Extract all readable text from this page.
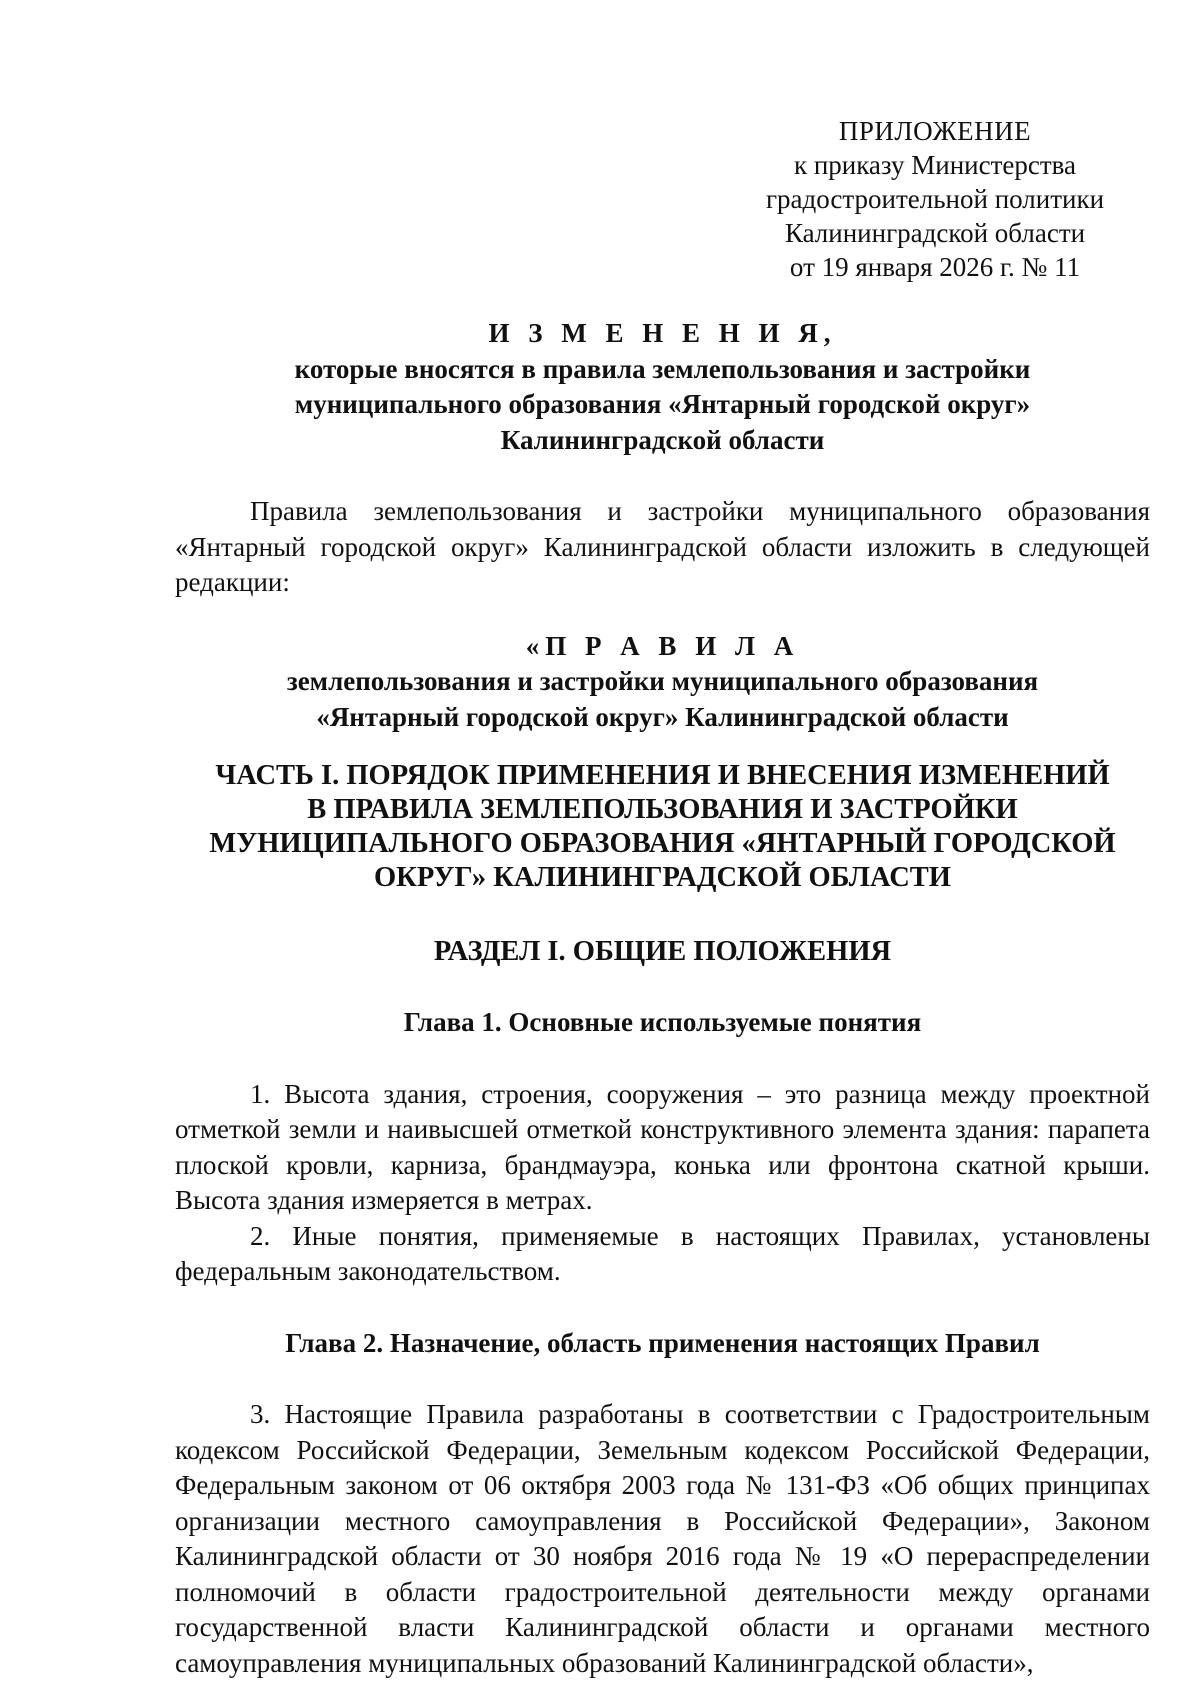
ПРИЛОЖЕНИЕ
к приказу Министерства
градостроительной политики
Калининградской области
от 19 января 2026 г. № 11
И З М Е Н Е Н И Я,
которые вносятся в правила землепользования и застройки
муниципального образования «Янтарный городской округ»
Калининградской области

Правила землепользования и застройки муниципального образования «Янтарный городской округ» Калининградской области изложить в следующей редакции:

«П Р А В И Л А
землепользования и застройки муниципального образования
«Янтарный городской округ» Калининградской области
ЧАСТЬ I. ПОРЯДОК ПРИМЕНЕНИЯ И ВНЕСЕНИЯ ИЗМЕНЕНИЙ
В ПРАВИЛА ЗЕМЛЕПОЛЬЗОВАНИЯ И ЗАСТРОЙКИ
МУНИЦИПАЛЬНОГО ОБРАЗОВАНИЯ «ЯНТАРНЫЙ ГОРОДСКОЙ
ОКРУГ» КАЛИНИНГРАДСКОЙ ОБЛАСТИ
РАЗДЕЛ I. ОБЩИЕ ПОЛОЖЕНИЯ
Глава 1. Основные используемые понятия

1. Высота здания, строения, сооружения – это разница между проектной отметкой земли и наивысшей отметкой конструктивного элемента здания: парапета плоской кровли, карниза, брандмауэра, конька или фронтона скатной крыши. Высота здания измеряется в метрах.

2. Иные понятия, применяемые в настоящих Правилах, установлены федеральным законодательством.

Глава 2. Назначение, область применения настоящих Правил

3. Настоящие Правила разработаны в соответствии с Градостроительным кодексом Российской Федерации, Земельным кодексом Российской Федерации, Федеральным законом от 06 октября 2003 года № 131-ФЗ «Об общих принципах организации местного самоуправления в Российской Федерации», Законом Калининградской области от 30 ноября 2016 года № 19 «О перераспределении полномочий в области градостроительной деятельности между органами государственной власти Калининградской области и органами местного самоуправления муниципальных образований Калининградской области»,
